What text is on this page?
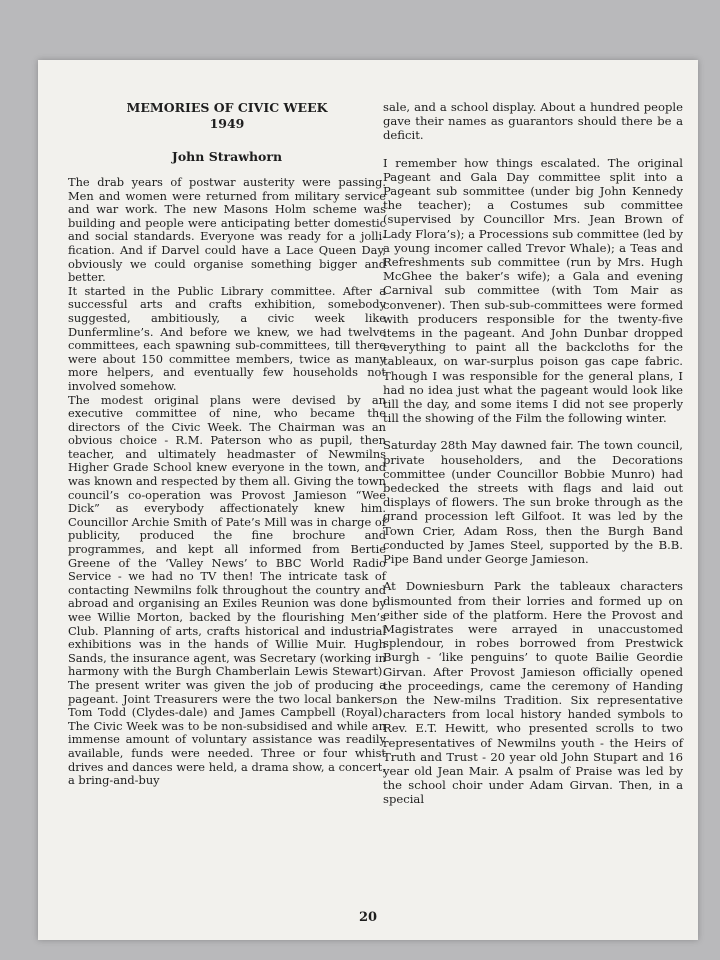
MEMORIES OF CIVIC WEEK
1949
John Strawhorn

The drab years of postwar austerity were passing. Men and women were returned from military service and war work. The new Masons Holm scheme was building and people were anticipating better domestic and social standards. Everyone was ready for a jolli-fication. And if Darvel could have a Lace Queen Day, obviously we could organise something bigger and better.

It started in the Public Library committee. After a successful arts and crafts exhibition, somebody suggested, ambitiously, a civic week like Dunfermline’s. And before we knew, we had twelve committees, each spawning sub-committees, till there were about 150 committee members, twice as many more helpers, and eventually few households not involved somehow.

The modest original plans were devised by an executive committee of nine, who became the directors of the Civic Week. The Chairman was an obvious choice - R.M. Paterson who as pupil, then teacher, and ultimately headmaster of Newmilns Higher Grade School knew everyone in the town, and was known and respected by them all. Giving the town council’s co-operation was Provost Jamieson “Wee Dick” as everybody affectionately knew him. Councillor Archie Smith of Pate’s Mill was in charge of publicity, produced the fine brochure and programmes, and kept all informed from Bertie Greene of the ‘Valley News’ to BBC World Radio Service - we had no TV then! The intricate task of contacting Newmilns folk throughout the country and abroad and organising an Exiles Reunion was done by wee Willie Morton, backed by the flourishing Men’s Club. Planning of arts, crafts historical and industrial exhibitions was in the hands of Willie Muir. Hugh Sands, the insurance agent, was Secretary (working in harmony with the Burgh Chamberlain Lewis Stewart). The present writer was given the job of producing a pageant. Joint Treasurers were the two local bankers, Tom Todd (Clydes-dale) and James Campbell (Royal). The Civic Week was to be non-subsidised and while an immense amount of voluntary assistance was readily available, funds were needed. Three or four whist drives and dances were held, a drama show, a concert, a bring-and-buy

sale, and a school display. About a hundred people gave their names as guarantors should there be a deficit.

I remember how things escalated. The original Pageant and Gala Day committee split into a Pageant sub sommittee (under big John Kennedy the teacher); a Costumes sub committee (supervised by Councillor Mrs. Jean Brown of Lady Flora’s); a Processions sub committee (led by a young incomer called Trevor Whale); a Teas and Refreshments sub committee (run by Mrs. Hugh McGhee the baker’s wife); a Gala and evening Carnival sub committee (with Tom Mair as convener). Then sub-sub-committees were formed with producers responsible for the twenty-five items in the pageant. And John Dunbar dropped everything to paint all the backcloths for the tableaux, on war-surplus poison gas cape fabric. Though I was responsible for the general plans, I had no idea just what the pageant would look like till the day, and some items I did not see properly till the showing of the Film the following winter.

Saturday 28th May dawned fair. The town council, private householders, and the Decorations committee (under Councillor Bobbie Munro) had bedecked the streets with flags and laid out displays of flowers. The sun broke through as the grand procession left Gilfoot. It was led by the Town Crier, Adam Ross, then the Burgh Band conducted by James Steel, supported by the B.B. Pipe Band under George Jamieson.

At Downiesburn Park the tableaux characters dismounted from their lorries and formed up on either side of the platform. Here the Provost and Magistrates were arrayed in unaccustomed splendour, in robes borrowed from Prestwick Burgh - ‘like penguins’ to quote Bailie Geordie Girvan. After Provost Jamieson officially opened the proceedings, came the ceremony of Handing on the New-milns Tradition. Six representative characters from local history handed symbols to Rev. E.T. Hewitt, who presented scrolls to two representatives of Newmilns youth - the Heirs of Truth and Trust - 20 year old John Stupart and 16 year old Jean Mair. A psalm of Praise was led by the school choir under Adam Girvan. Then, in a special

20
